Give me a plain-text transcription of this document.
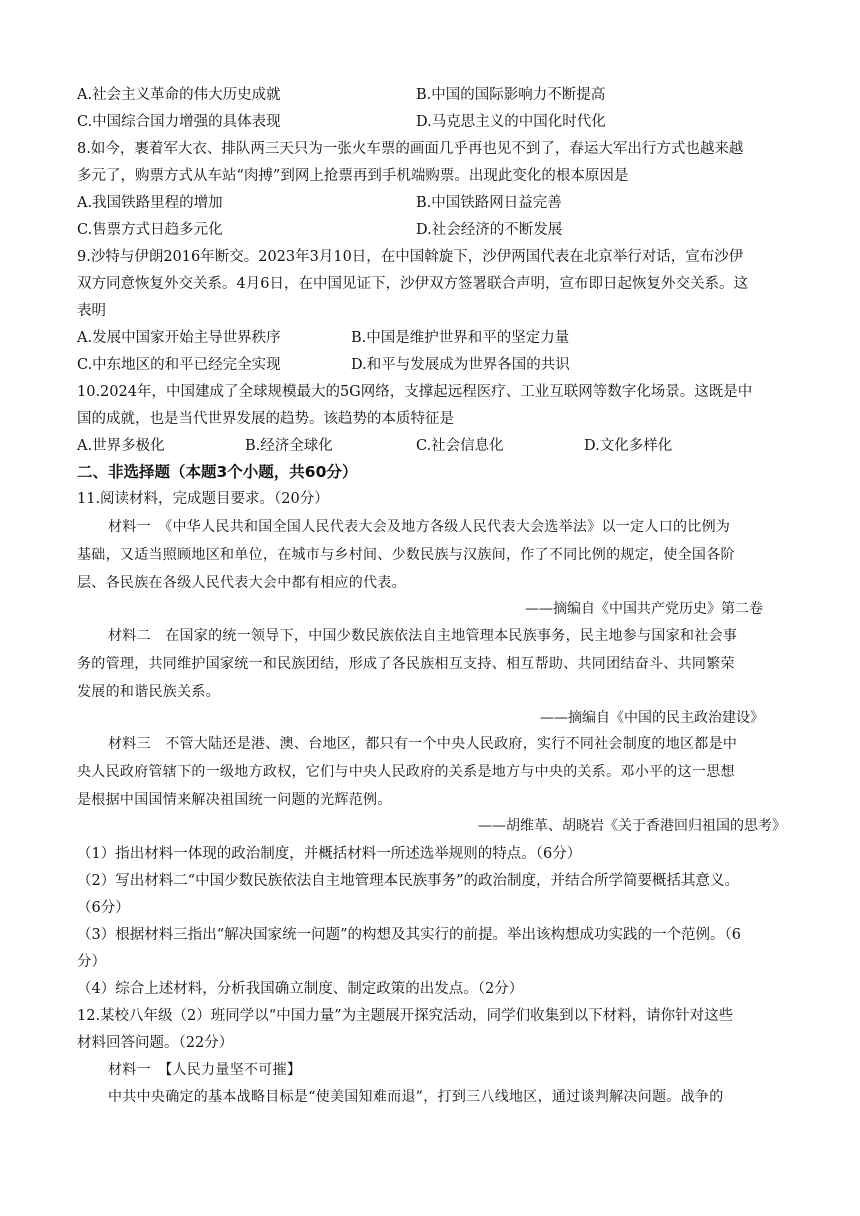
A.社会主义革命的伟大历史成就	B.中国的国际影响力不断提高
C.中国综合国力增强的具体表现	D.马克思主义的中国化时代化
8.如今，裹着军大衣、排队两三天只为一张火车票的画面几乎再也见不到了，春运大军出行方式也越来越
多元了，购票方式从车站“肉搏”到网上抢票再到手机端购票。出现此变化的根本原因是
A.我国铁路里程的增加	B.中国铁路网日益完善
C.售票方式日趋多元化	D.社会经济的不断发展
9.沙特与伊朗2016年断交。2023年3月10日，在中国斡旋下，沙伊两国代表在北京举行对话，宣布沙伊
双方同意恢复外交关系。4月6日，在中国见证下，沙伊双方签署联合声明，宣布即日起恢复外交关系。这
表明
A.发展中国家开始主导世界秩序	B.中国是维护世界和平的坚定力量
C.中东地区的和平已经完全实现	D.和平与发展成为世界各国的共识
10.2024年，中国建成了全球规模最大的5G网络，支撑起远程医疗、工业互联网等数字化场景。这既是中
国的成就，也是当代世界发展的趋势。该趋势的本质特征是
A.世界多极化	B.经济全球化	C.社会信息化	D.文化多样化
二、非选择题（本题3个小题，共60分）
11.阅读材料，完成题目要求。（20分）
材料一　《中华人民共和国全国人民代表大会及地方各级人民代表大会选举法》以一定人口的比例为
基础，又适当照顾地区和单位，在城市与乡村间、少数民族与汉族间，作了不同比例的规定，使全国各阶
层、各民族在各级人民代表大会中都有相应的代表。
——摘编自《中国共产党历史》第二卷
材料二　在国家的统一领导下，中国少数民族依法自主地管理本民族事务，民主地参与国家和社会事
务的管理，共同维护国家统一和民族团结，形成了各民族相互支持、相互帮助、共同团结奋斗、共同繁荣
发展的和谐民族关系。
——摘编自《中国的民主政治建设》
材料三　不管大陆还是港、澳、台地区，都只有一个中央人民政府，实行不同社会制度的地区都是中
央人民政府管辖下的一级地方政权，它们与中央人民政府的关系是地方与中央的关系。邓小平的这一思想
是根据中国国情来解决祖国统一问题的光辉范例。
——胡维革、胡晓岩《关于香港回归祖国的思考》
（1）指出材料一体现的政治制度，并概括材料一所述选举规则的特点。（6分）
（2）写出材料二“中国少数民族依法自主地管理本民族事务”的政治制度，并结合所学简要概括其意义。
（6分）
（3）根据材料三指出“解决国家统一问题”的构想及其实行的前提。举出该构想成功实践的一个范例。（6
分）
（4）综合上述材料，分析我国确立制度、制定政策的出发点。（2分）
12.某校八年级（2）班同学以“中国力量”为主题展开探究活动，同学们收集到以下材料，请你针对这些
材料回答问题。（22分）
材料一　【人民力量坚不可摧】
中共中央确定的基本战略目标是“使美国知难而退”，打到三八线地区，通过谈判解决问题。战争的
